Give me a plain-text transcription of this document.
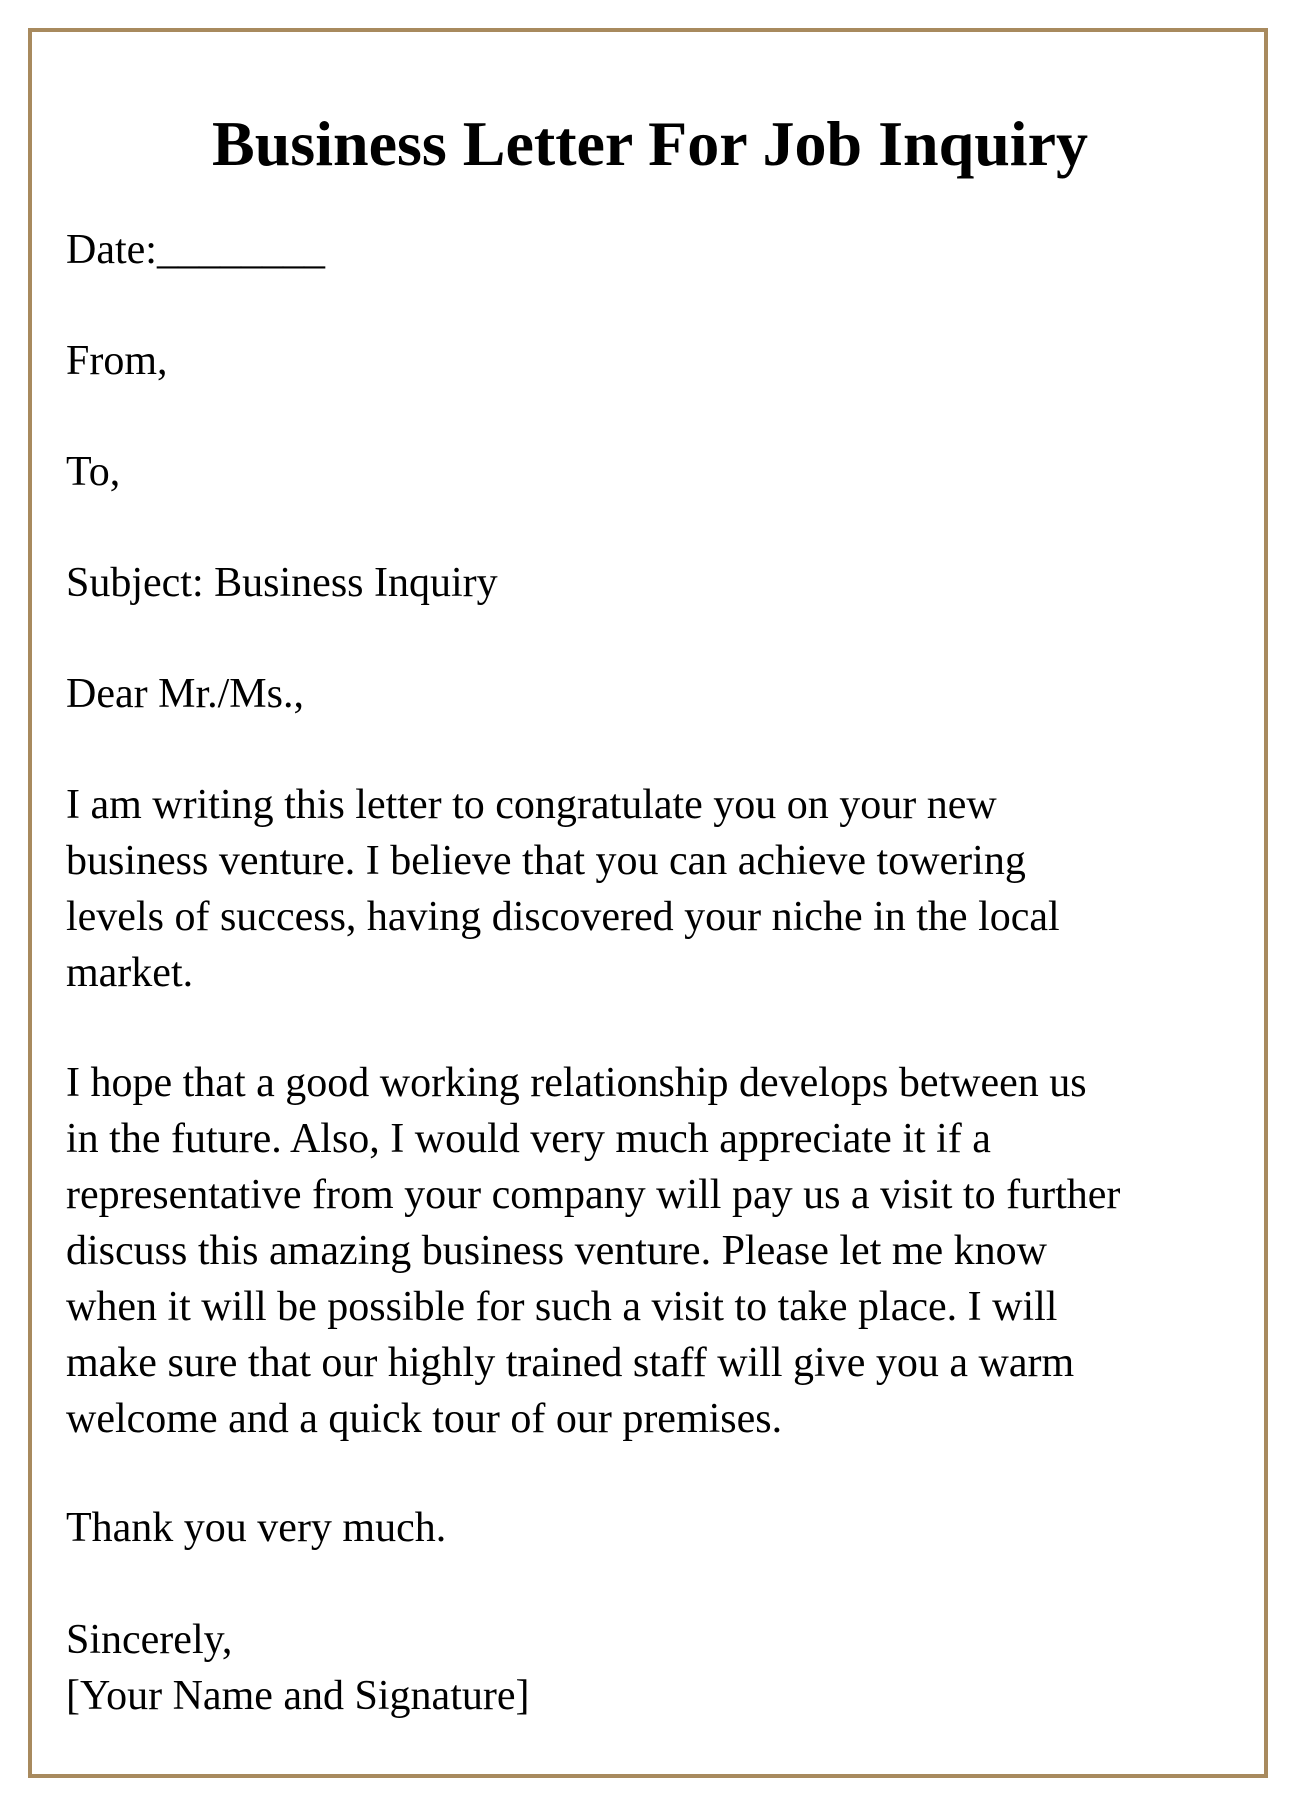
Business Letter For Job Inquiry

Date:________

From,

To,

Subject: Business Inquiry

Dear Mr./Ms.,

I am writing this letter to congratulate you on your new
business venture. I believe that you can achieve towering
levels of success, having discovered your niche in the local
market.
I hope that a good working relationship develops between us
in the future. Also, I would very much appreciate it if a
representative from your company will pay us a visit to further
discuss this amazing business venture. Please let me know
when it will be possible for such a visit to take place. I will
make sure that our highly trained staff will give you a warm
welcome and a quick tour of our premises.

Thank you very much.

Sincerely,

[Your Name and Signature]
